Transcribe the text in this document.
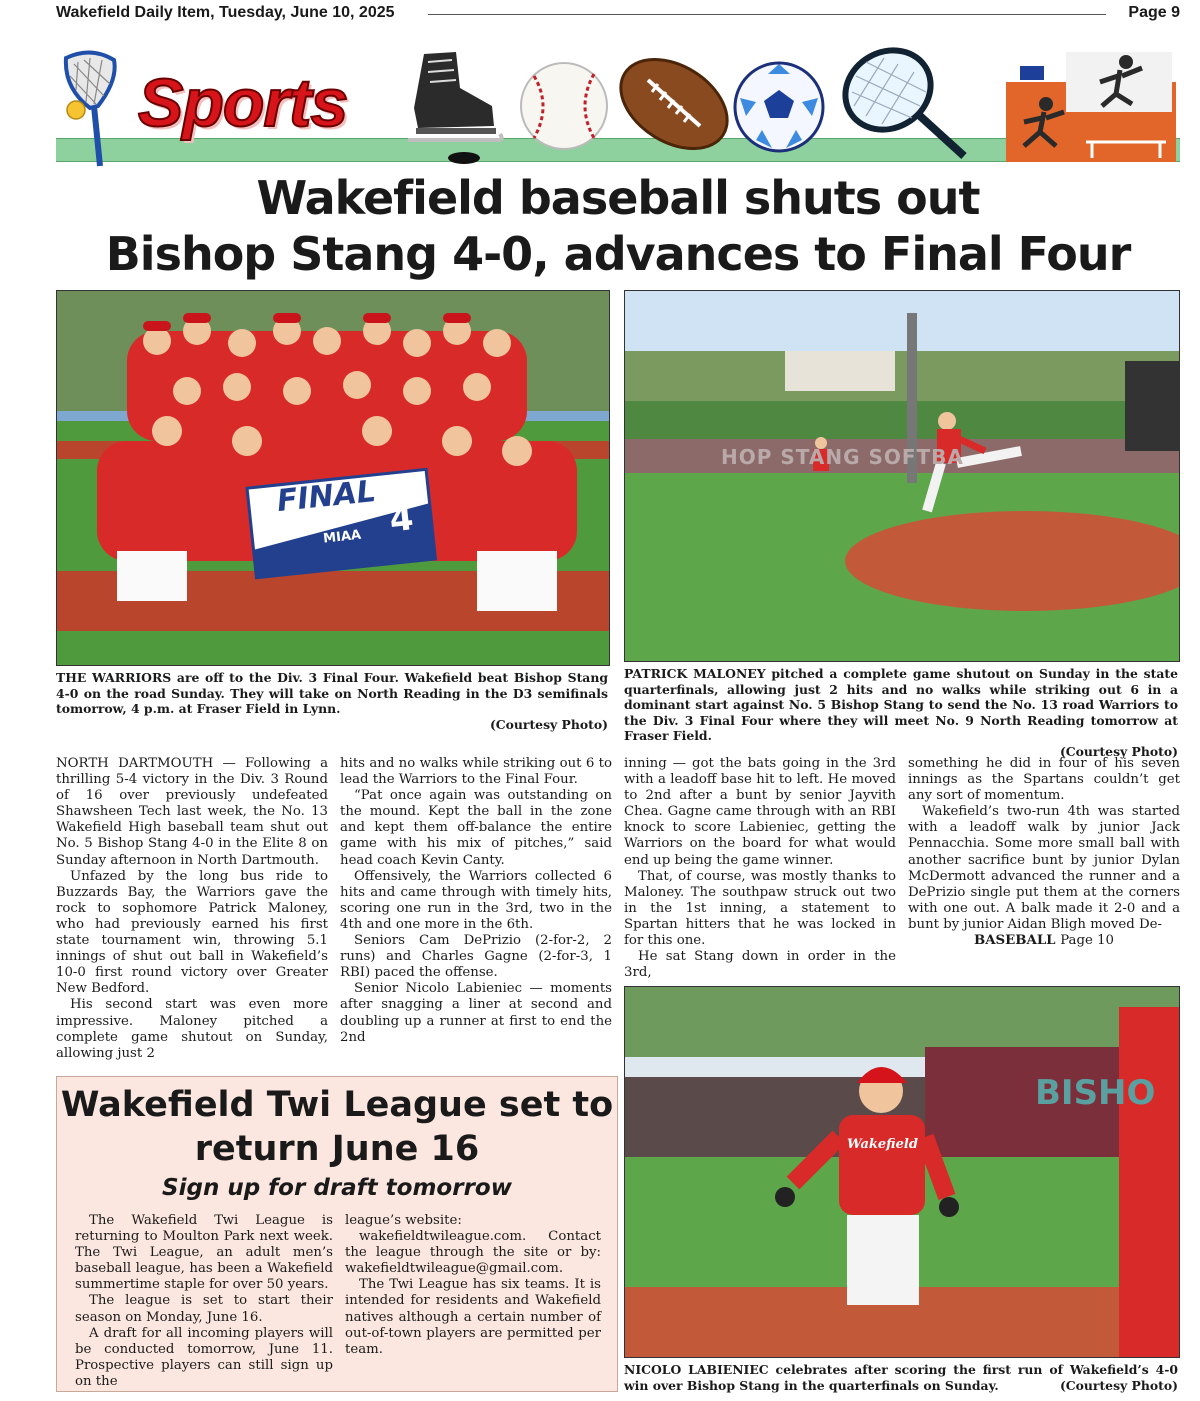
Wakefield Daily Item, Tuesday, June 10, 2025	Page 9
Sports
Wakefield baseball shuts out
Bishop Stang 4-0, advances to Final Four
FINAL
4
MIAA
THE WARRIORS are off to the Div. 3 Final Four. Wakefield beat Bishop Stang 4-0 on the road Sunday. They will take on North Reading in the D3 semifinals tomorrow, 4 p.m. at Fraser Field in Lynn.
(Courtesy Photo)
HOP STANG SOFTBA
PATRICK MALONEY pitched a complete game shutout on Sunday in the state quarterfinals, allowing just 2 hits and no walks while striking out 6 in a dominant start against No. 5 Bishop Stang to send the No. 13 road Warriors to the Div. 3 Final Four where they will meet No. 9 North Reading tomorrow at Fraser Field.
(Courtesy Photo)

NORTH DARTMOUTH — Following a thrilling 5-4 victory in the Div. 3 Round of 16 over previously undefeated Shawsheen Tech last week, the No. 13 Wakefield High baseball team shut out No. 5 Bishop Stang 4-0 in the Elite 8 on Sunday afternoon in North Dartmouth.

Unfazed by the long bus ride to Buzzards Bay, the Warriors gave the rock to sophomore Patrick Maloney, who had previously earned his first state tournament win, throwing 5.1 innings of shut out ball in Wakefield’s 10-0 first round victory over Greater New Bedford.

His second start was even more impressive. Maloney pitched a complete game shutout on Sunday, allowing just 2

hits and no walks while striking out 6 to lead the Warriors to the Final Four.

“Pat once again was outstanding on the mound. Kept the ball in the zone and kept them off-balance the entire game with his mix of pitches,” said head coach Kevin Canty.

Offensively, the Warriors collected 6 hits and came through with timely hits, scoring one run in the 3rd, two in the 4th and one more in the 6th.

Seniors Cam DePrizio (2-for-2, 2 runs) and Charles Gagne (2-for-3, 1 RBI) paced the offense.

Senior Nicolo Labieniec — moments after snagging a liner at second and doubling up a runner at first to end the 2nd

inning — got the bats going in the 3rd with a leadoff base hit to left. He moved to 2nd after a bunt by senior Jayvith Chea. Gagne came through with an RBI knock to score Labieniec, getting the Warriors on the board for what would end up being the game winner.

That, of course, was mostly thanks to Maloney. The southpaw struck out two in the 1st inning, a statement to Spartan hitters that he was locked in for this one.

He sat Stang down in order in the 3rd,

something he did in four of his seven innings as the Spartans couldn’t get any sort of momentum.

Wakefield’s two-run 4th was started with a leadoff walk by junior Jack Pennacchia. Some more small ball with another sacrifice bunt by junior Dylan McDermott advanced the runner and a DePrizio single put them at the corners with one out. A balk made it 2-0 and a bunt by junior Aidan Bligh moved De-

BASEBALL Page 10
BISHO
Wakefield
NICOLO LABIENIEC celebrates after scoring the first run of Wakefield’s 4-0 win over Bishop Stang in the quarterfinals on Sunday.	(Courtesy Photo)
Wakefield Twi League set to
return June 16
Sign up for draft tomorrow

The Wakefield Twi League is returning to Moulton Park next week. The Twi League, an adult men’s baseball league, has been a Wakefield summertime staple for over 50 years.

The league is set to start their season on Monday, June 16.

A draft for all incoming players will be conducted tomorrow, June 11. Prospective players can still sign up on the

league’s website:

wakefieldtwileague.com. Contact the league through the site or by: wakefieldtwileague@gmail.com.

The Twi League has six teams. It is intended for residents and Wakefield natives although a certain number of out-of-town players are permitted per team.
